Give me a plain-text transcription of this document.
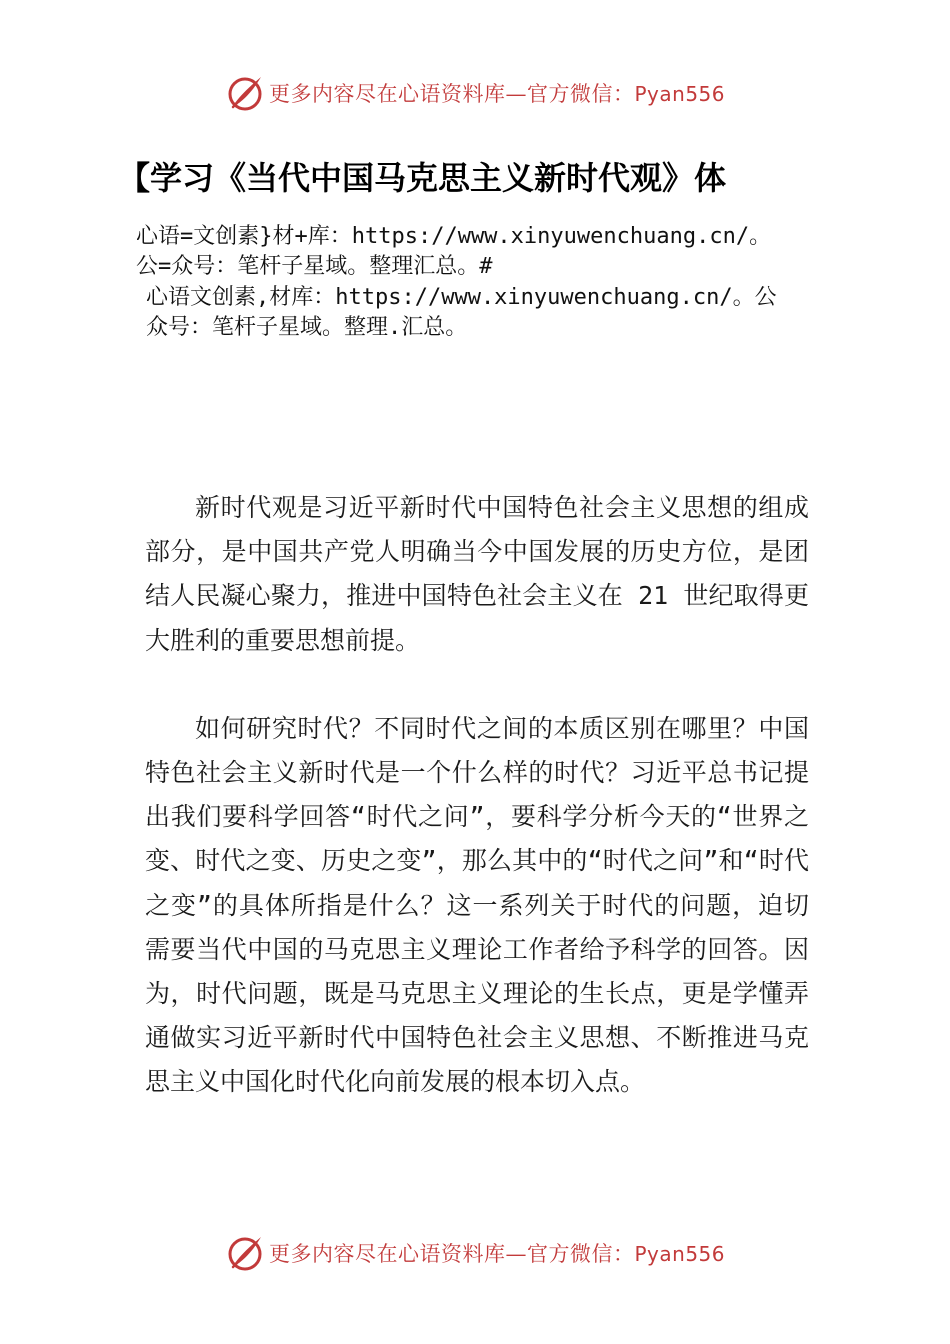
更多内容尽在心语资料库—官方微信：Pyan556
【学习《当代中国马克思主义新时代观》体
心语=文创素}材+库：https://www.xinyuwenchuang.cn/。
公=众号：笔杆子星域。整理汇总。#
心语文创素,材库：https://www.xinyuwenchuang.cn/。公
众号：笔杆子星域。整理.汇总。

新时代观是习近平新时代中国特色社会主义思想的组成部分，是中国共产党人明确当今中国发展的历史方位，是团结人民凝心聚力，推进中国特色社会主义在 21 世纪取得更大胜利的重要思想前提。

如何研究时代？不同时代之间的本质区别在哪里？中国特色社会主义新时代是一个什么样的时代？习近平总书记提出我们要科学回答“时代之问”，要科学分析今天的“世界之变、时代之变、历史之变”，那么其中的“时代之问”和“时代之变”的具体所指是什么？这一系列关于时代的问题，迫切需要当代中国的马克思主义理论工作者给予科学的回答。因为，时代问题，既是马克思主义理论的生长点，更是学懂弄通做实习近平新时代中国特色社会主义思想、不断推进马克思主义中国化时代化向前发展的根本切入点。

更多内容尽在心语资料库—官方微信：Pyan556
